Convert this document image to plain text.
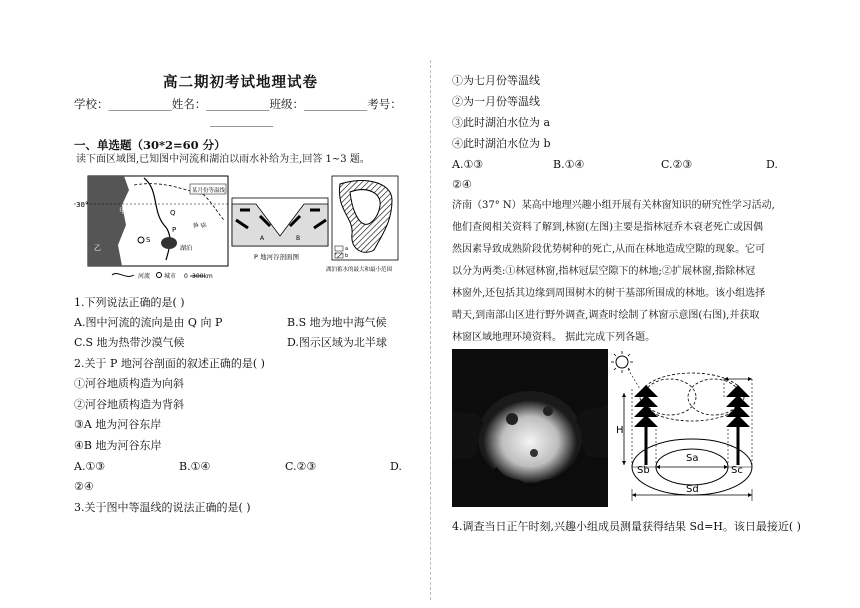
高二期初考试地理试卷
学校：___________姓名：___________班级：___________考号：
___________
一、单选题（30*2=60 分）
读下面区域图,已知图中河流和湖泊以雨水补给为主,回答 1~3 题。
30°
某月份等温线
甲
乙
Q
P
S
湖泊
海 陆
河流 城市 0 300km
A	B
P 地河谷剖面图
a
b
湖泊蓄水的最大和最小范围
1.下列说法正确的是( )
A.图中河流的流向是由 Q 向 P	B.S 地为地中海气候
C.S 地为热带沙漠气候	D.图示区域为北半球
2.关于 P 地河谷剖面的叙述正确的是( )
①河谷地质构造为向斜
②河谷地质构造为背斜
③A 地为河谷东岸
④B 地为河谷东岸
A.①③	B.①④	C.②③	D.
②④
3.关于图中等温线的说法正确的是( )
①为七月份等温线
②为一月份等温线
③此时湖泊水位为 a
④此时湖泊水位为 b
A.①③	B.①④	C.②③	D.
②④
济南（37° N）某高中地理兴趣小组开展有关林窗知识的研究性学习活动,
他们查阅相关资料了解到,林窗(左图)主要是指林冠乔木衰老死亡或因偶
然因素导致成熟阶段优势树种的死亡,从而在林地造成空隙的现象。它可
以分为两类:①林冠林窗,指林冠层空隙下的林地;②扩展林窗,指除林冠
林窗外,还包括其边缘到周围树木的树干基部所围成的林地。该小组选择
晴天,到南部山区进行野外调查,调查时绘制了林窗示意图(右图),并获取
林窗区域地理环境资料。 据此完成下列各题。
H
Sa
Sb	Sc
Sd
4.调查当日正午时刻,兴趣小组成员测量获得结果 Sd=H。该日最接近( )
